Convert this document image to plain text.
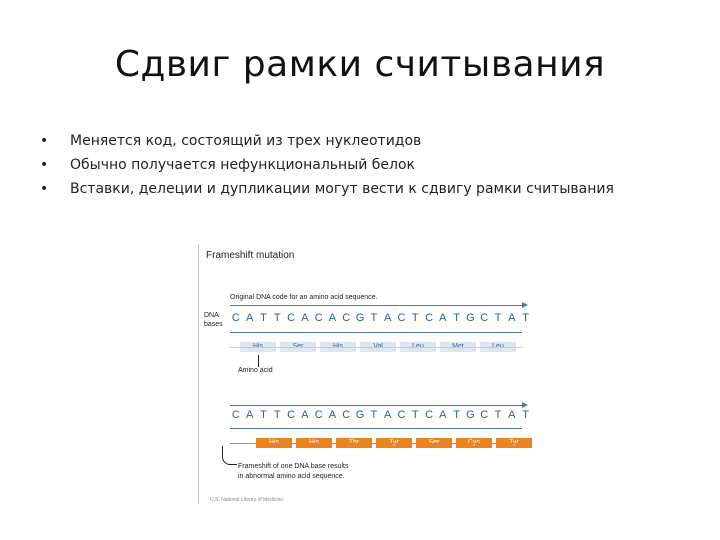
Сдвиг рамки считывания
• Меняется код, состоящий из трех нуклеотидов
• Обычно получается нефункциональный белок
• Вставки, делеции и дупликации могут вести к сдвигу рамки считывания
Frameshift mutation
Original DNA code for an amino acid sequence.
DNA
bases
C A T T C A C A C G T A C T C A T G C T A T
Amino acid
C A T T C A C A C G T A C T C A T G C T A T
Frameshift of one DNA base results
in abnormal amino acid sequence.
U.S. National Library of Medicine
